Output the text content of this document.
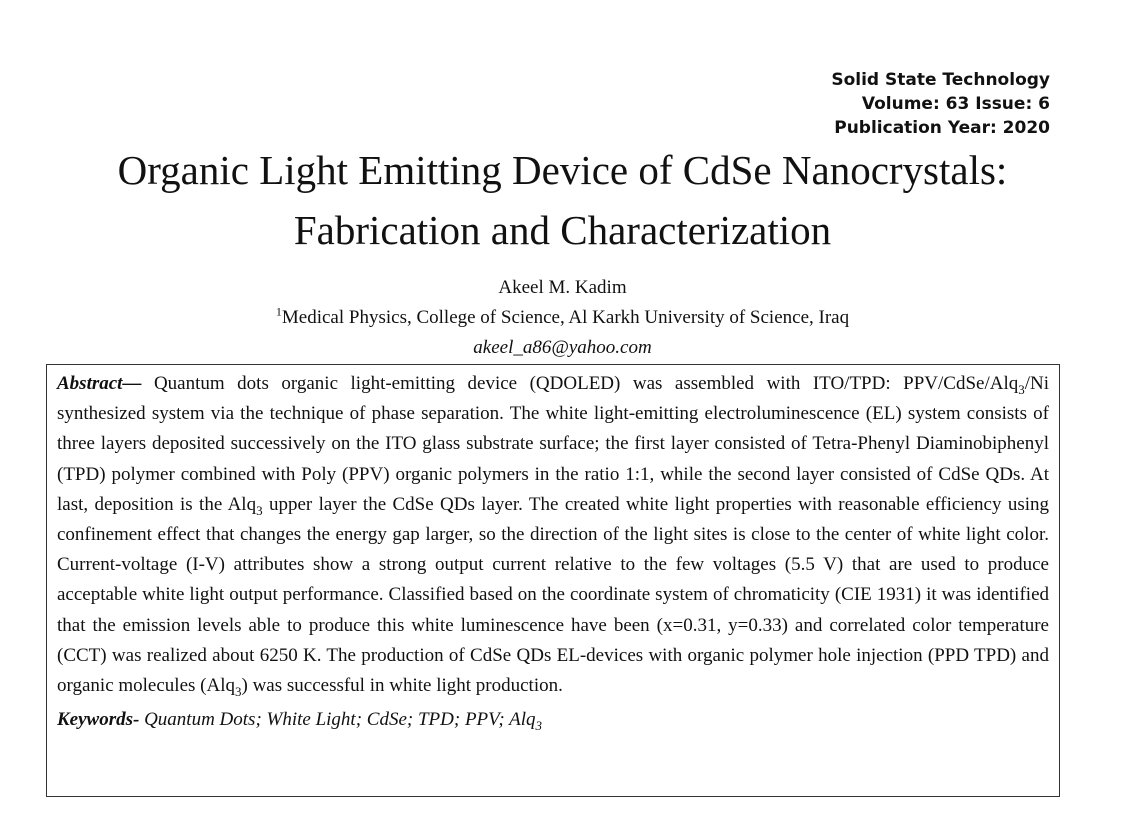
Solid State Technology
Volume: 63 Issue: 6
Publication Year: 2020
Organic Light Emitting Device of CdSe Nanocrystals:
Fabrication and Characterization
Akeel M. Kadim
$^1$Medical Physics, College of Science, Al Karkh University of Science, Iraq
akeel_a86@yahoo.com

Abstract— Quantum dots organic light-emitting device (QDOLED) was assembled with ITO/TPD: PPV/CdSe/Alq$_3$/Ni synthesized system via the technique of phase separation. The white light-emitting electroluminescence (EL) system consists of three layers deposited successively on the ITO glass substrate surface; the first layer consisted of Tetra-Phenyl Diaminobiphenyl (TPD) polymer combined with Poly (PPV) organic polymers in the ratio 1:1, while the second layer consisted of CdSe QDs. At last, deposition is the Alq$_3$ upper layer the CdSe QDs layer. The created white light properties with reasonable efficiency using confinement effect that changes the energy gap larger, so the direction of the light sites is close to the center of white light color. Current-voltage (I-V) attributes show a strong output current relative to the few voltages (5.5 V) that are used to produce acceptable white light output performance. Classified based on the coordinate system of chromaticity (CIE 1931) it was identified that the emission levels able to produce this white luminescence have been (x=0.31, y=0.33) and correlated color temperature (CCT) was realized about 6250 K. The production of CdSe QDs EL-devices with organic polymer hole injection (PPD TPD) and organic molecules (Alq$_3$) was successful in white light production.

Keywords- Quantum Dots; White Light; CdSe; TPD; PPV; Alq$_3$
